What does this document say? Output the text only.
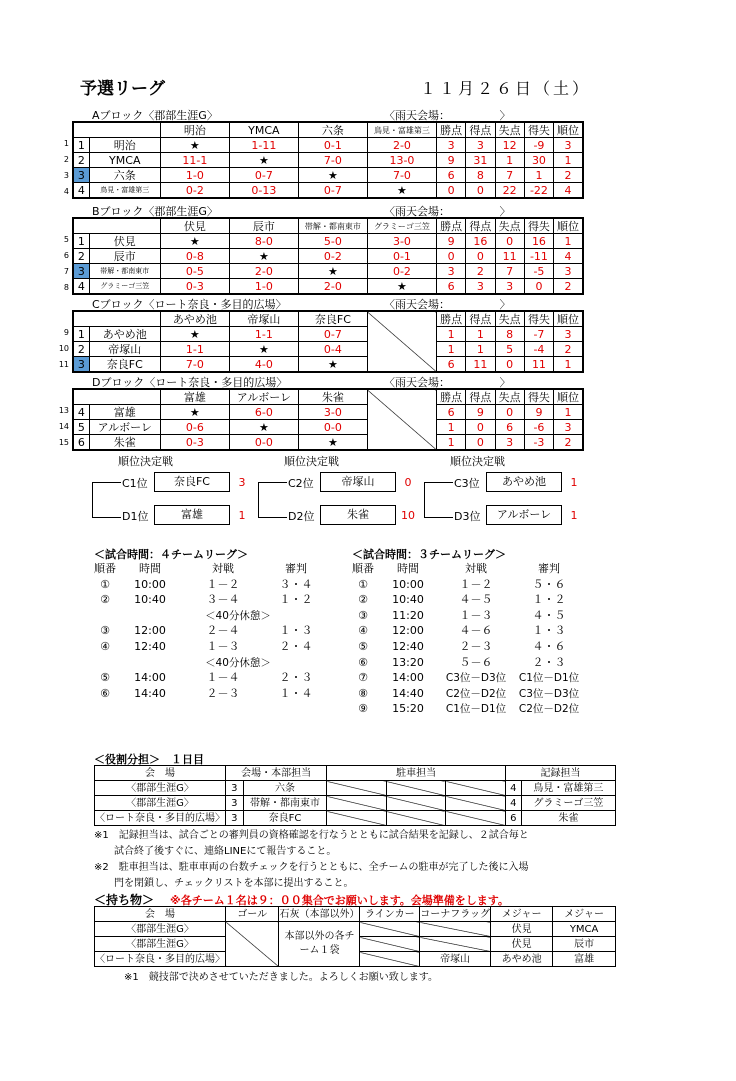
予選リーグ	１１月２６日（土）
Aブロック〈郡部生涯G〉	〈雨天会場：　　　　　〉
		明治	YMCA	六条	鳥見・富雄第三	勝点	得点	失点	得失	順位
1	明治	★	1-11	0-1	2-0	3	3	12	-9	3
2	YMCA	11-1	★	7-0	13-0	9	31	1	30	1
3	六条	1-0	0-7	★	7-0	6	8	7	1	2
4	鳥見・富雄第三	0-2	0-13	0-7	★	0	0	22	-22	4
1
2
3
4
Bブロック〈郡部生涯G〉	〈雨天会場：　　　　　〉
		伏見	辰市	帯解・都南東市	グラミーゴ三笠	勝点	得点	失点	得失	順位
1	伏見	★	8-0	5-0	3-0	9	16	0	16	1
2	辰市	0-8	★	0-2	0-1	0	0	11	-11	4
3	帯解・都南東市	0-5	2-0	★	0-2	3	2	7	-5	3
4	グラミーゴ三笠	0-3	1-0	2-0	★	6	3	3	0	2
5
6
7
8
Cブロック〈ロート奈良・多目的広場〉	〈雨天会場：　　　　　〉
		あやめ池	帝塚山	奈良FC		勝点	得点	失点	得失	順位
1	あやめ池	★	1-1	0-7		1	1	8	-7	3
2	帝塚山	1-1	★	0-4		1	1	5	-4	2
3	奈良FC	7-0	4-0	★		6	11	0	11	1
9
10
11
Dブロック〈ロート奈良・多目的広場〉	〈雨天会場：　　　　　〉
		富雄	アルボーレ	朱雀		勝点	得点	失点	得失	順位
4	富雄	★	6-0	3-0		6	9	0	9	1
5	アルボーレ	0-6	★	0-0		1	0	6	-6	3
6	朱雀	0-3	0-0	★		1	0	3	-3	2
13
14
15
順位決定戦
C1位
D1位
奈良FC
富雄
3
1
順位決定戦
C2位
D2位
帝塚山
朱雀
0
10
順位決定戦
C3位
D3位
あやめ池
アルボーレ
1
1
＜試合時間：４チームリーグ＞
順番 時間	対戦	審判
① 10:00	１－２	３・４
② 10:40	３－４	１・２
＜40分休憩＞
③ 12:00	２－４	１・３
④ 12:40	１－３	２・４
＜40分休憩＞
⑤ 14:00	１－４	２・３
⑥ 14:40	２－３	１・４
＜試合時間：３チームリーグ＞
順番 時間	対戦	審判
① 10:00	１－２	５・６
② 10:40	４－５	１・２
③ 11:20	１－３	４・５
④ 12:00	４－６	１・３
⑤ 12:40	２－３	４・６
⑥ 13:20	５－６	２・３
⑦ 14:00 C3位－D3位 C1位－D1位
⑧ 14:40 C2位－D2位 C3位－D3位
⑨ 15:20 C1位－D1位 C2位－D2位
＜役割分担＞　１日目
会　場	会場・本部担当		駐車担当			記録担当	
〈郡部生涯G〉	3	六条				4	鳥見・富雄第三
〈郡部生涯G〉	3	帯解・都南東市				4	グラミーゴ三笠
〈ロート奈良・多目的広場〉	3	奈良FC				6	朱雀
※1　記録担当は、試合ごとの審判員の資格確認を行なうとともに試合結果を記録し、２試合毎と
　　試合終了後すぐに、連絡LINEにて報告すること。
※2　駐車担当は、駐車車両の台数チェックを行うとともに、全チームの駐車が完了した後に入場
　　門を閉鎖し、チェックリストを本部に提出すること。
＜持ち物＞ ※各チーム１名は９：００集合でお願いします。会場準備をします。
会　場	ゴール	石灰（本部以外）	ラインカー	コーナフラッグ	メジャー	メジャー
〈郡部生涯G〉		本部以外の各チーム１袋			伏見	YMCA
〈郡部生涯G〉					伏見	辰市
〈ロート奈良・多目的広場〉				帝塚山	あやめ池	富雄
※1　競技部で決めさせていただきました。よろしくお願い致します。
